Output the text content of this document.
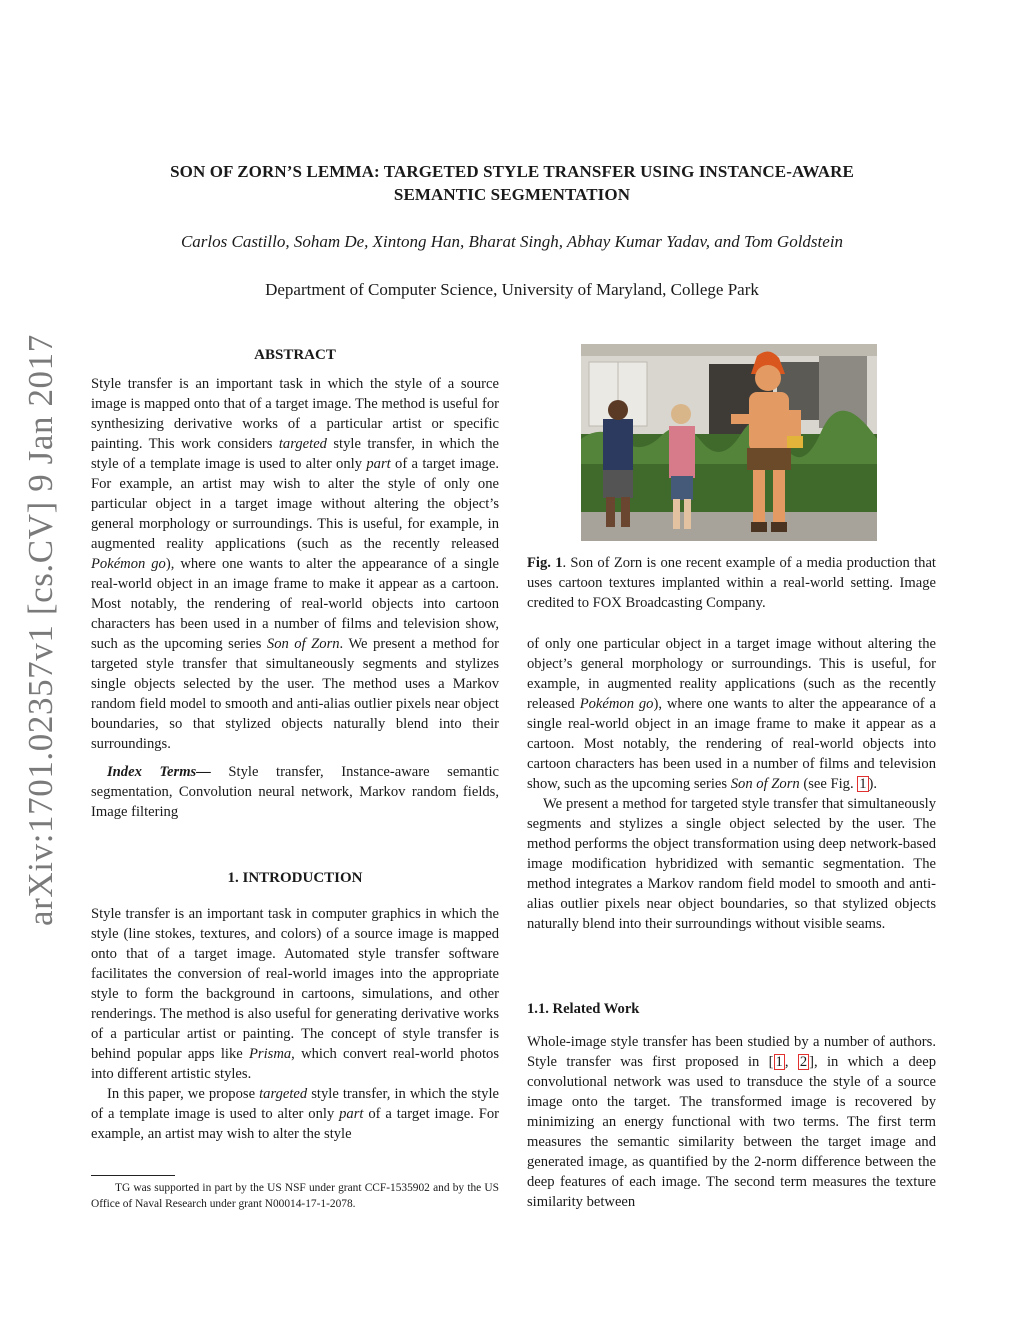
arXiv:1701.02357v1 [cs.CV] 9 Jan 2017
SON OF ZORN’S LEMMA: TARGETED STYLE TRANSFER USING INSTANCE-AWARE
SEMANTIC SEGMENTATION
Carlos Castillo, Soham De, Xintong Han, Bharat Singh, Abhay Kumar Yadav, and Tom Goldstein
Department of Computer Science, University of Maryland, College Park
ABSTRACT

Style transfer is an important task in which the style of a source image is mapped onto that of a target image. The method is useful for synthesizing derivative works of a particular artist or specific painting. This work considers targeted style transfer, in which the style of a template image is used to alter only part of a target image. For example, an artist may wish to alter the style of only one particular object in a target image without altering the object’s general morphology or surroundings. This is useful, for example, in augmented reality applications (such as the recently released Pokémon go), where one wants to alter the appearance of a single real-world object in an image frame to make it appear as a cartoon. Most notably, the rendering of real-world objects into cartoon characters has been used in a number of films and television show, such as the upcoming series Son of Zorn. We present a method for targeted style transfer that simultaneously segments and stylizes single objects selected by the user. The method uses a Markov random field model to smooth and anti-alias outlier pixels near object boundaries, so that stylized objects naturally blend into their surroundings.

Index Terms— Style transfer, Instance-aware semantic segmentation, Convolution neural network, Markov random fields, Image filtering

1. INTRODUCTION

Style transfer is an important task in computer graphics in which the style (line stokes, textures, and colors) of a source image is mapped onto that of a target image. Automated style transfer software facilitates the conversion of real-world images into the appropriate style to form the background in cartoons, simulations, and other renderings. The method is also useful for generating derivative works of a particular artist or painting. The concept of style transfer is behind popular apps like Prisma, which convert real-world photos into different artistic styles.

In this paper, we propose targeted style transfer, in which the style of a template image is used to alter only part of a target image. For example, an artist may wish to alter the style

TG was supported in part by the US NSF under grant CCF-1535902 and by the US Office of Naval Research under grant N00014-17-1-2078.

Fig. 1. Son of Zorn is one recent example of a media production that uses cartoon textures implanted within a real-world setting. Image credited to FOX Broadcasting Company.

of only one particular object in a target image without altering the object’s general morphology or surroundings. This is useful, for example, in augmented reality applications (such as the recently released Pokémon go), where one wants to alter the appearance of a single real-world object in an image frame to make it appear as a cartoon. Most notably, the rendering of real-world objects into cartoon characters has been used in a number of films and television show, such as the upcoming series Son of Zorn (see Fig. 1 ).

We present a method for targeted style transfer that simultaneously segments and stylizes a single object selected by the user. The method performs the object transformation using deep network-based image modification hybridized with semantic segmentation. The method integrates a Markov random field model to smooth and anti-alias outlier pixels near object boundaries, so that stylized objects naturally blend into their surroundings without visible seams.

1.1. Related Work

Whole-image style transfer has been studied by a number of authors. Style transfer was first proposed in [ 1 , 2 ], in which a deep convolutional network was used to transduce the style of a source image onto the target. The transformed image is recovered by minimizing an energy functional with two terms. The first term measures the semantic similarity between the target image and generated image, as quantified by the 2-norm difference between the deep features of each image. The second term measures the texture similarity between
